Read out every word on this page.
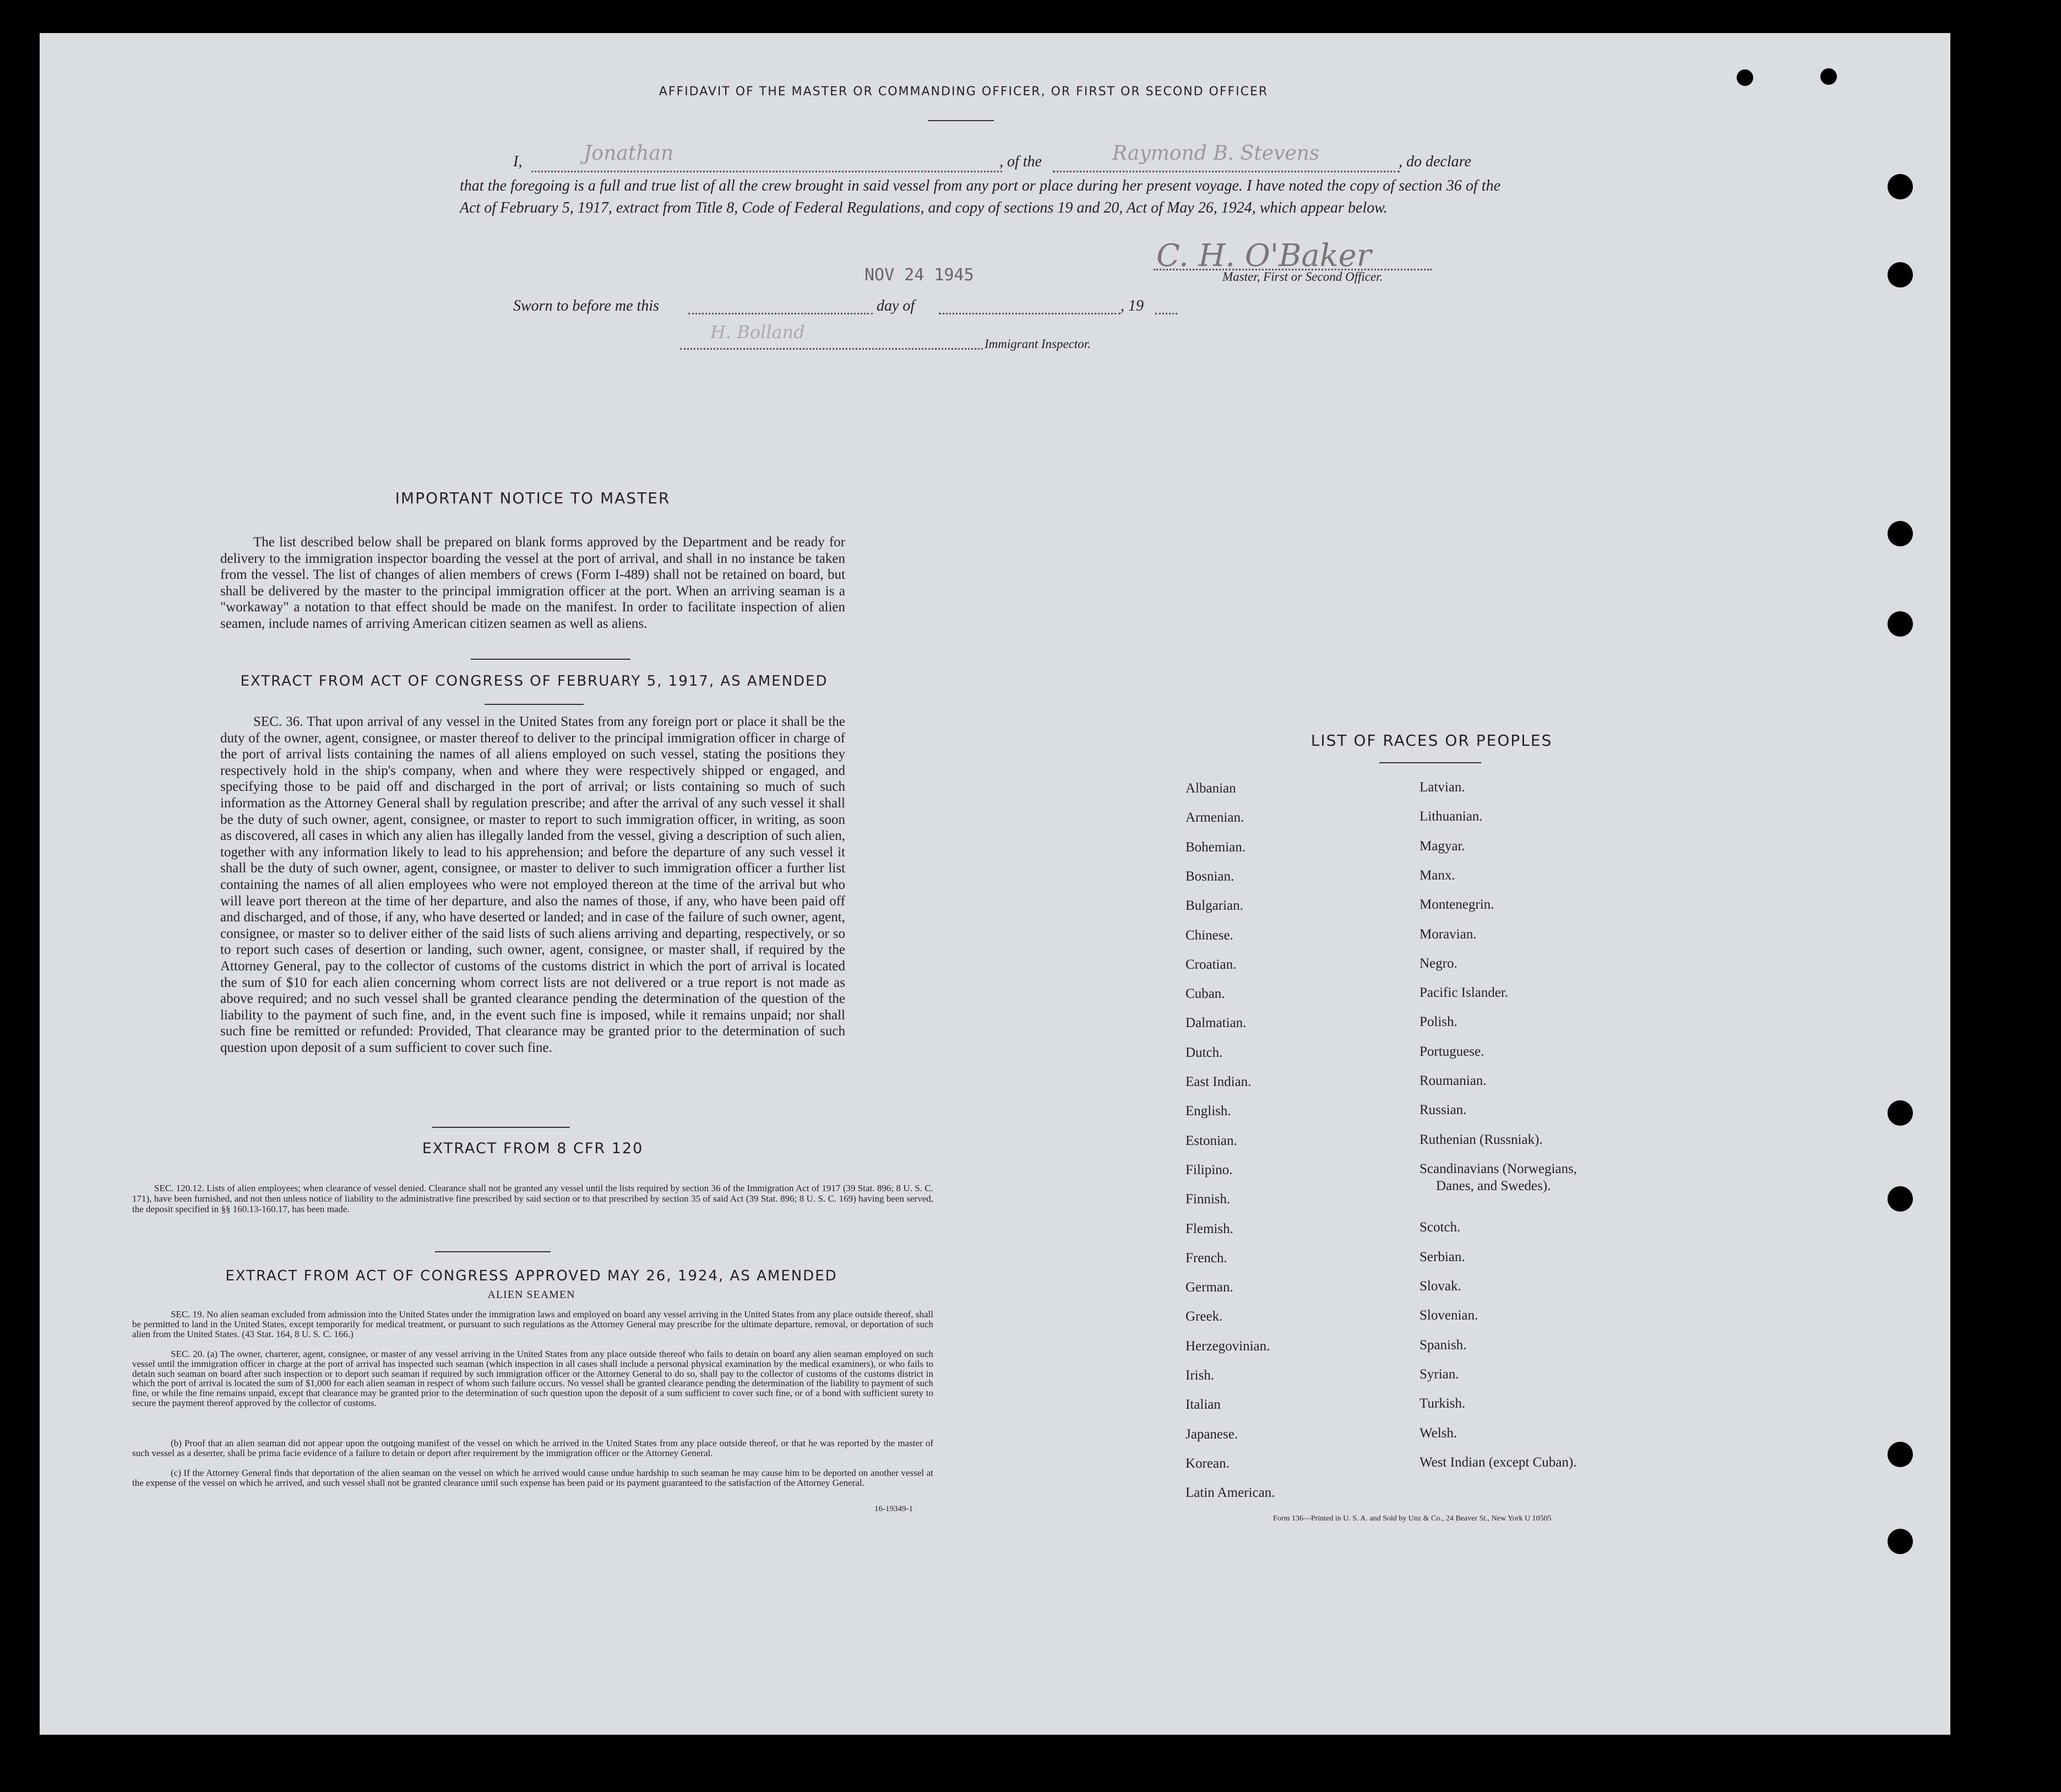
AFFIDAVIT OF THE MASTER OR COMMANDING OFFICER, OR FIRST OR SECOND OFFICER
I,	Jonathan	, of the	Raymond B. Stevens	, do declare
that the foregoing is a full and true list of all the crew brought in said vessel from any port or place during her present voyage. I have noted the copy of section 36 of the Act of February 5, 1917, extract from Title 8, Code of Federal Regulations, and copy of sections 19 and 20, Act of May 26, 1924, which appear below.
NOV 24 1945
C. H. O'Baker
Master, First or Second Officer.
Sworn to before me this	day of	, 19
H. Bolland
Immigrant Inspector.
IMPORTANT NOTICE TO MASTER
The list described below shall be prepared on blank forms approved by the Department and be ready for delivery to the immigration inspector boarding the vessel at the port of arrival, and shall in no instance be taken from the vessel. The list of changes of alien members of crews (Form I-489) shall not be retained on board, but shall be delivered by the master to the principal immigration officer at the port. When an arriving seaman is a "workaway" a notation to that effect should be made on the manifest. In order to facilitate inspection of alien seamen, include names of arriving American citizen seamen as well as aliens.
EXTRACT FROM ACT OF CONGRESS OF FEBRUARY 5, 1917, AS AMENDED
SEC. 36. That upon arrival of any vessel in the United States from any foreign port or place it shall be the duty of the owner, agent, consignee, or master thereof to deliver to the principal immigration officer in charge of the port of arrival lists containing the names of all aliens employed on such vessel, stating the positions they respectively hold in the ship's company, when and where they were respectively shipped or engaged, and specifying those to be paid off and discharged in the port of arrival; or lists containing so much of such information as the Attorney General shall by regulation prescribe; and after the arrival of any such vessel it shall be the duty of such owner, agent, consignee, or master to report to such immigration officer, in writing, as soon as discovered, all cases in which any alien has illegally landed from the vessel, giving a description of such alien, together with any information likely to lead to his apprehension; and before the departure of any such vessel it shall be the duty of such owner, agent, consignee, or master to deliver to such immigration officer a further list containing the names of all alien employees who were not employed thereon at the time of the arrival but who will leave port thereon at the time of her departure, and also the names of those, if any, who have been paid off and discharged, and of those, if any, who have deserted or landed; and in case of the failure of such owner, agent, consignee, or master so to deliver either of the said lists of such aliens arriving and departing, respectively, or so to report such cases of desertion or landing, such owner, agent, consignee, or master shall, if required by the Attorney General, pay to the collector of customs of the customs district in which the port of arrival is located the sum of $10 for each alien concerning whom correct lists are not delivered or a true report is not made as above required; and no such vessel shall be granted clearance pending the determination of the question of the liability to the payment of such fine, and, in the event such fine is imposed, while it remains unpaid; nor shall such fine be remitted or refunded: Provided, That clearance may be granted prior to the determination of such question upon deposit of a sum sufficient to cover such fine.
EXTRACT FROM 8 CFR 120
SEC. 120.12. Lists of alien employees; when clearance of vessel denied. Clearance shall not be granted any vessel until the lists required by section 36 of the Immigration Act of 1917 (39 Stat. 896; 8 U. S. C. 171), have been furnished, and not then unless notice of liability to the administrative fine prescribed by said section or to that prescribed by section 35 of said Act (39 Stat. 896; 8 U. S. C. 169) having been served, the deposit specified in §§ 160.13-160.17, has been made.
EXTRACT FROM ACT OF CONGRESS APPROVED MAY 26, 1924, AS AMENDED
ALIEN SEAMEN
SEC. 19. No alien seaman excluded from admission into the United States under the immigration laws and employed on board any vessel arriving in the United States from any place outside thereof, shall be permitted to land in the United States, except temporarily for medical treatment, or pursuant to such regulations as the Attorney General may prescribe for the ultimate departure, removal, or deportation of such alien from the United States. (43 Stat. 164, 8 U. S. C. 166.)
SEC. 20. (a) The owner, charterer, agent, consignee, or master of any vessel arriving in the United States from any place outside thereof who fails to detain on board any alien seaman employed on such vessel until the immigration officer in charge at the port of arrival has inspected such seaman (which inspection in all cases shall include a personal physical examination by the medical examiners), or who fails to detain such seaman on board after such inspection or to deport such seaman if required by such immigration officer or the Attorney General to do so, shall pay to the collector of customs of the customs district in which the port of arrival is located the sum of $1,000 for each alien seaman in respect of whom such failure occurs. No vessel shall be granted clearance pending the determination of the liability to payment of such fine, or while the fine remains unpaid, except that clearance may be granted prior to the determination of such question upon the deposit of a sum sufficient to cover such fine, or of a bond with sufficient surety to secure the payment thereof approved by the collector of customs.
(b) Proof that an alien seaman did not appear upon the outgoing manifest of the vessel on which he arrived in the United States from any place outside thereof, or that he was reported by the master of such vessel as a deserter, shall be prima facie evidence of a failure to detain or deport after requirement by the immigration officer or the Attorney General.
(c) If the Attorney General finds that deportation of the alien seaman on the vessel on which he arrived would cause undue hardship to such seaman he may cause him to be deported on another vessel at the expense of the vessel on which he arrived, and such vessel shall not be granted clearance until such expense has been paid or its payment guaranteed to the satisfaction of the Attorney General.
16-19349-1
LIST OF RACES OR PEOPLES
Albanian
Armenian.
Bohemian.
Bosnian.
Bulgarian.
Chinese.
Croatian.
Cuban.
Dalmatian.
Dutch.
East Indian.
English.
Estonian.
Filipino.
Finnish.
Flemish.
French.
German.
Greek.
Herzegovinian.
Irish.
Italian
Japanese.
Korean.
Latin American.
Latvian.
Lithuanian.
Magyar.
Manx.
Montenegrin.
Moravian.
Negro.
Pacific Islander.
Polish.
Portuguese.
Roumanian.
Russian.
Ruthenian (Russniak).
Scandinavians (Norwegians,
Danes, and Swedes).
Scotch.
Serbian.
Slovak.
Slovenian.
Spanish.
Syrian.
Turkish.
Welsh.
West Indian (except Cuban).
Form 136—Printed in U. S. A. and Sold by Unz & Co., 24 Beaver St., New York U 10505
